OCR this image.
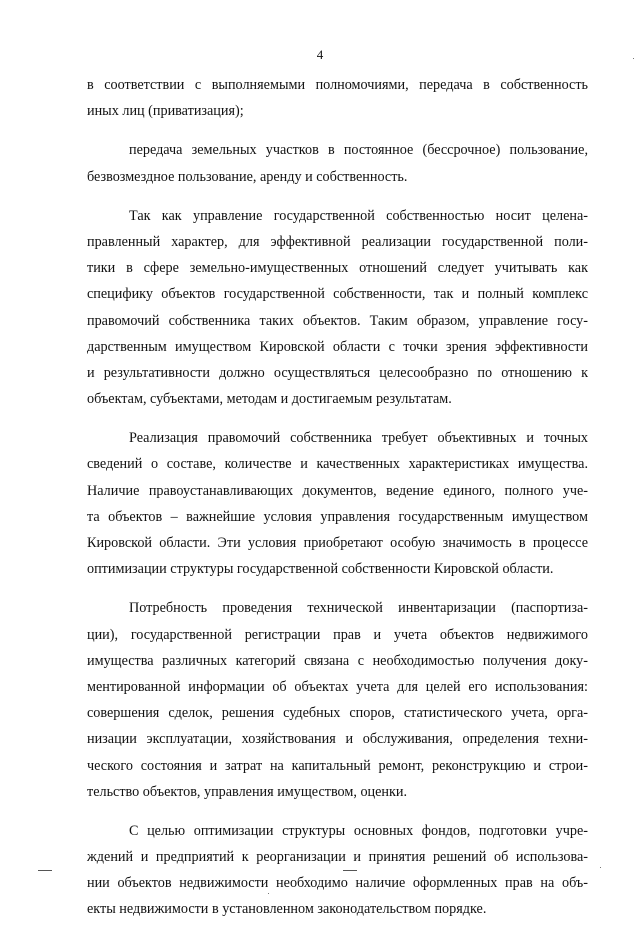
4
в соответствии с выполняемыми полномочиями, передача в собственность
иных лиц (приватизация);
передача земельных участков в постоянное (бессрочное) пользование,
безвозмездное пользование, аренду и собственность.
Так как управление государственной собственностью носит целена-
правленный характер, для эффективной реализации государственной поли-
тики в сфере земельно-имущественных отношений следует учитывать как
специфику объектов государственной собственности, так и полный комплекс
правомочий собственника таких объектов. Таким образом, управление госу-
дарственным имуществом Кировской области с точки зрения эффективности
и результативности должно осуществляться целесообразно по отношению к
объектам, субъектами, методам и достигаемым результатам.
Реализация правомочий собственника требует объективных и точных
сведений о составе, количестве и качественных характеристиках имущества.
Наличие правоустанавливающих документов, ведение единого, полного уче-
та объектов – важнейшие условия управления государственным имуществом
Кировской области. Эти условия приобретают особую значимость в процессе
оптимизации структуры государственной собственности Кировской области.
Потребность проведения технической инвентаризации (паспортиза-
ции), государственной регистрации прав и учета объектов недвижимого
имущества различных категорий связана с необходимостью получения доку-
ментированной информации об объектах учета для целей его использования:
совершения сделок, решения судебных споров, статистического учета, орга-
низации эксплуатации, хозяйствования и обслуживания, определения техни-
ческого состояния и затрат на капитальный ремонт, реконструкцию и строи-
тельство объектов, управления имуществом, оценки.
С целью оптимизации структуры основных фондов, подготовки учре-
ждений и предприятий к реорганизации и принятия решений об использова-
нии объектов недвижимости необходимо наличие оформленных прав на объ-
екты недвижимости в установленном законодательством порядке.
